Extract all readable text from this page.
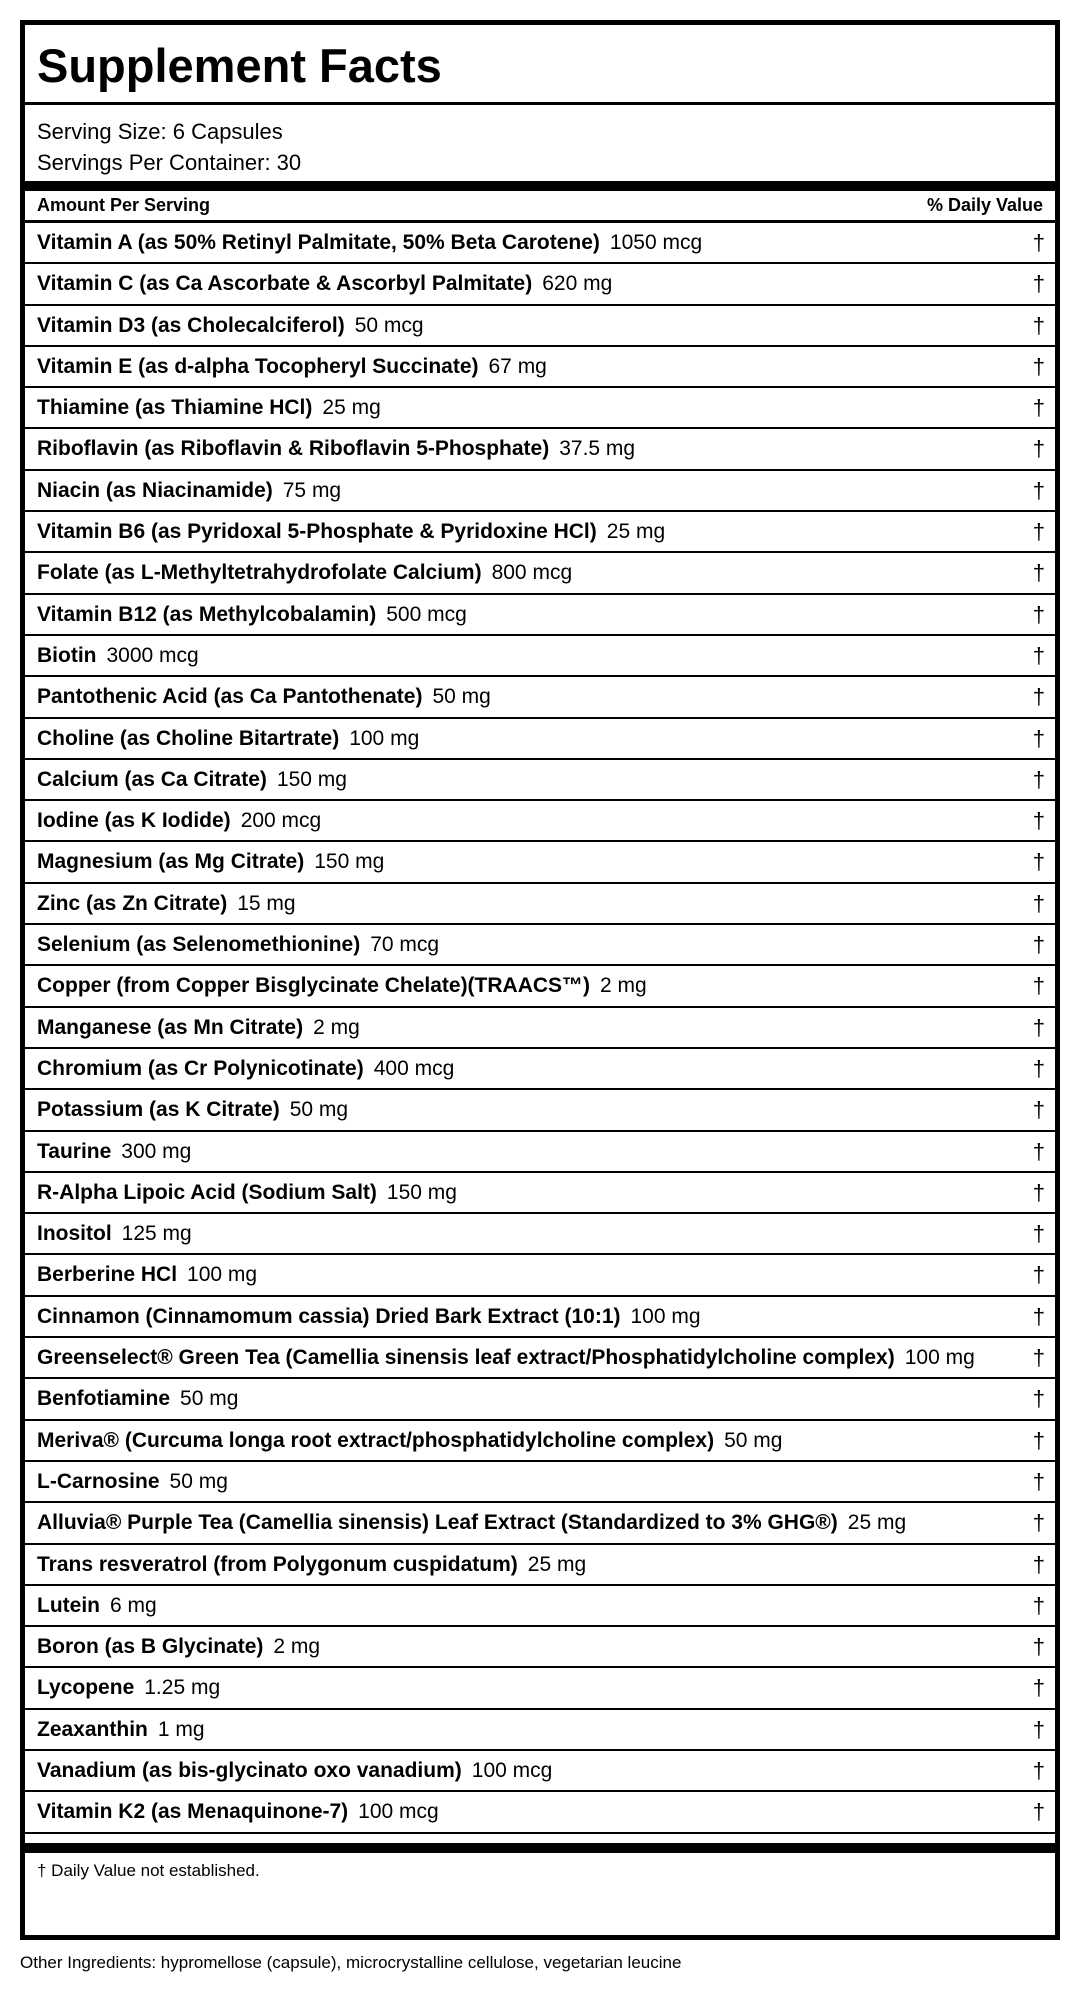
Supplement Facts
Serving Size: 6 Capsules
Servings Per Container: 30
Amount Per Serving	% Daily Value
Vitamin A (as 50% Retinyl Palmitate, 50% Beta Carotene) 1050 mcg	†
Vitamin C (as Ca Ascorbate & Ascorbyl Palmitate) 620 mg	†
Vitamin D3 (as Cholecalciferol) 50 mcg	†
Vitamin E (as d-alpha Tocopheryl Succinate) 67 mg	†
Thiamine (as Thiamine HCl) 25 mg	†
Riboflavin (as Riboflavin & Riboflavin 5-Phosphate) 37.5 mg	†
Niacin (as Niacinamide) 75 mg	†
Vitamin B6 (as Pyridoxal 5-Phosphate & Pyridoxine HCl) 25 mg	†
Folate (as L-Methyltetrahydrofolate Calcium) 800 mcg	†
Vitamin B12 (as Methylcobalamin) 500 mcg	†
Biotin 3000 mcg	†
Pantothenic Acid (as Ca Pantothenate) 50 mg	†
Choline (as Choline Bitartrate) 100 mg	†
Calcium (as Ca Citrate) 150 mg	†
Iodine (as K Iodide) 200 mcg	†
Magnesium (as Mg Citrate) 150 mg	†
Zinc (as Zn Citrate) 15 mg	†
Selenium (as Selenomethionine) 70 mcg	†
Copper (from Copper Bisglycinate Chelate)(TRAACS™) 2 mg	†
Manganese (as Mn Citrate) 2 mg	†
Chromium (as Cr Polynicotinate) 400 mcg	†
Potassium (as K Citrate) 50 mg	†
Taurine 300 mg	†
R-Alpha Lipoic Acid (Sodium Salt) 150 mg	†
Inositol 125 mg	†
Berberine HCl 100 mg	†
Cinnamon (Cinnamomum cassia) Dried Bark Extract (10:1) 100 mg	†
Greenselect® Green Tea (Camellia sinensis leaf extract/Phosphatidylcholine complex) 100 mg	†
Benfotiamine 50 mg	†
Meriva® (Curcuma longa root extract/phosphatidylcholine complex) 50 mg	†
L-Carnosine 50 mg	†
Alluvia® Purple Tea (Camellia sinensis) Leaf Extract (Standardized to 3% GHG®) 25 mg	†
Trans resveratrol (from Polygonum cuspidatum) 25 mg	†
Lutein 6 mg	†
Boron (as B Glycinate) 2 mg	†
Lycopene 1.25 mg	†
Zeaxanthin 1 mg	†
Vanadium (as bis-glycinato oxo vanadium) 100 mcg	†
Vitamin K2 (as Menaquinone-7) 100 mcg	†
† Daily Value not established.
Other Ingredients: hypromellose (capsule), microcrystalline cellulose, vegetarian leucine
